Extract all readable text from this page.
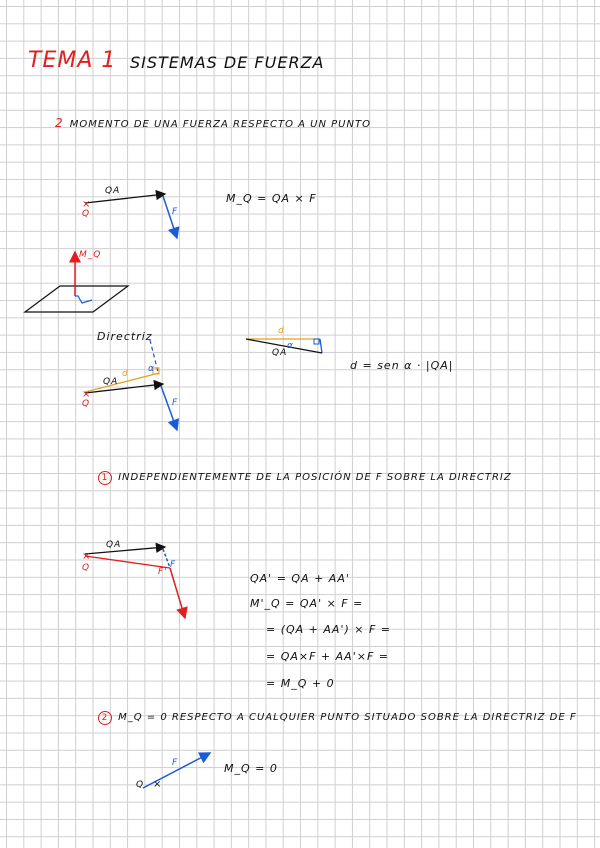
TEMA 1 SISTEMAS DE FUERZA
2 MOMENTO DE UNA FUERZA RESPECTO A UN PUNTO
×
×
×
×
QA
Q	F
M_Q = QA × F
M_Q
Directriz
QA
d
Q	F
α
d
α
QA
d = sen α · |QA|
1 INDEPENDIENTEMENTE DE LA POSICIÓN DE F SOBRE LA DIRECTRIZ
QA
Q	F
F'	QA' = QA + AA'
M'_Q = QA' × F =
= (QA + AA') × F =
= QA×F + AA'×F =
= M_Q + 0
2 M_Q = 0 RESPECTO A CUALQUIER PUNTO SITUADO SOBRE LA DIRECTRIZ DE F
F
Q
M_Q = 0
